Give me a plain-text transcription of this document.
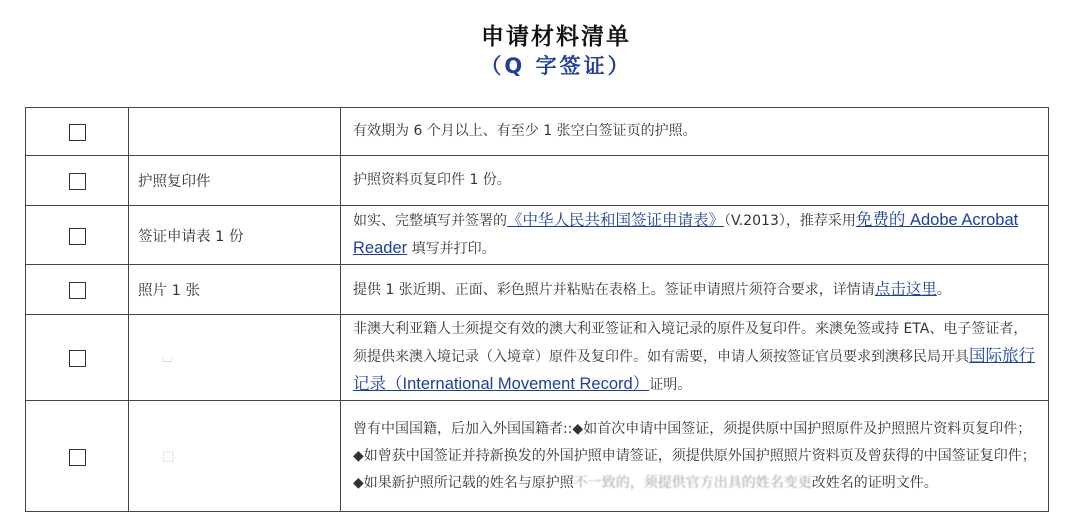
申请材料清单
（Q 字签证）
		有效期为 6 个月以上、有至少 1 张空白签证页的护照。
	护照复印件	护照资料页复印件 1 份。
	签证申请表 1 份	如实、完整填写并签署的《中华人民共和国签证申请表》（V.2013），推荐采用免费的 Adobe Acrobat Reader 填写并打印。
	照片 1 张	提供 1 张近期、正面、彩色照片并粘贴在表格上。签证申请照片须符合要求，详情请点击这里。
	⌴	非澳大利亚籍人士须提交有效的澳大利亚签证和入境记录的原件及复印件。来澳免签或持 ETA、电子签证者，须提供来澳入境记录（入境章）原件及复印件。如有需要，申请人须按签证官员要求到澳移民局开具国际旅行记录（International Movement Record）证明。
	⬚	曾有中国国籍，后加入外国国籍者::◆如首次申请中国签证，须提供原中国护照原件及护照照片资料页复印件；◆如曾获中国签证并持新换发的外国护照申请签证，须提供原外国护照照片资料页及曾获得的中国签证复印件；◆如果新护照所记载的姓名与原护照不一致的，须提供官方出具的姓名变更改姓名的证明文件。
